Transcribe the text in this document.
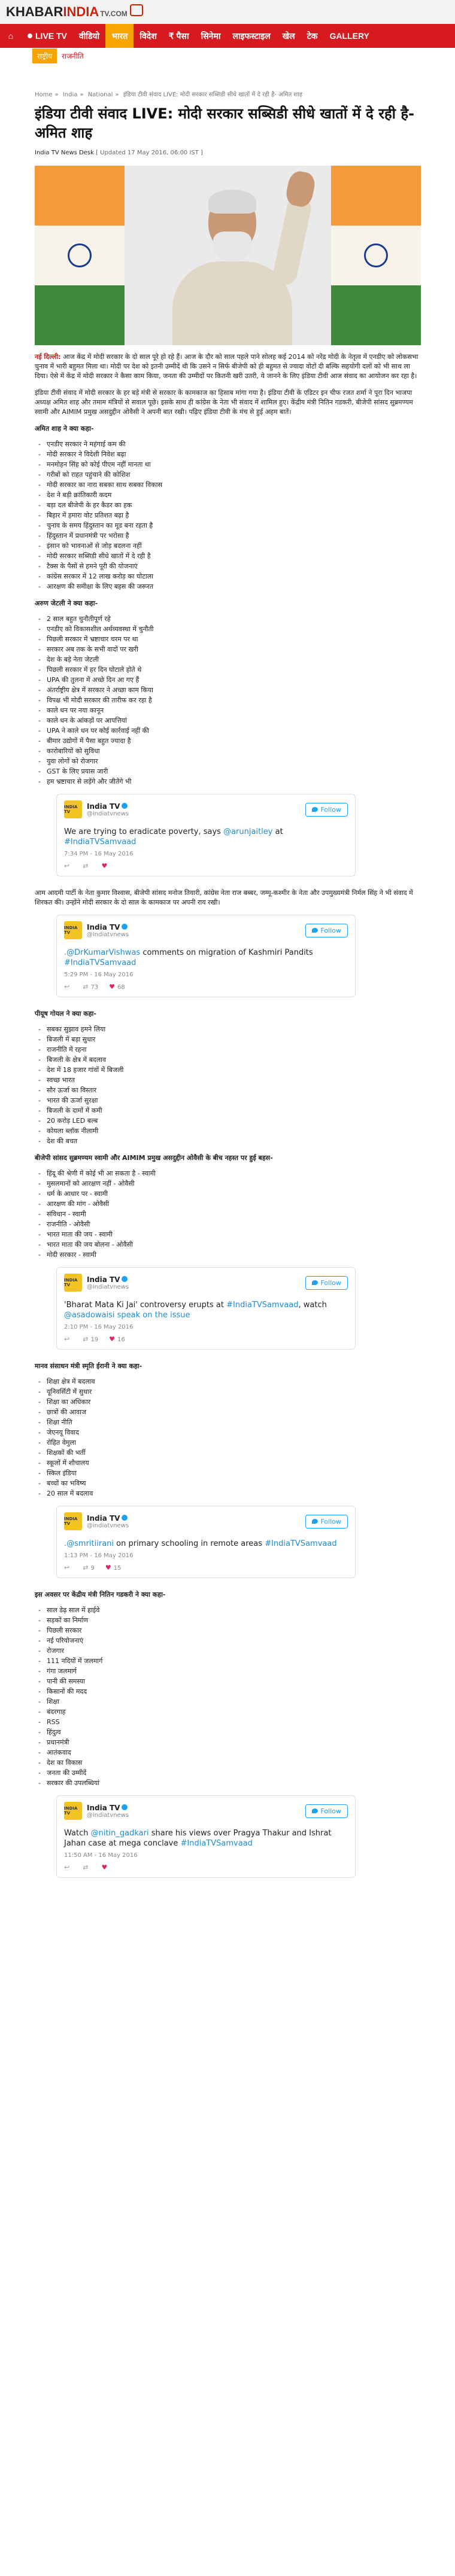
KHABAR INDIA TV.COM
⌂	LIVE TV	वीडियो	भारत	विदेश	₹ पैसा	सिनेमा	लाइफस्टाइल	खेल	टेक	GALLERY
राष्ट्रीय	राजनीति
Home » India » National » इंडिया टीवी संवाद LIVE: मोदी सरकार सब्सिडी सीधे खातों में दे रही है- अमित शाह
इंडिया टीवी संवाद LIVE: मोदी सरकार सब्सिडी सीधे खातों में दे रही है- अमित शाह
India TV News Desk [ Updated 17 May 2016, 06:00 IST ]

नई दिल्ली: आज केंद्र में मोदी सरकार के दो साल पूरे हो रहे हैं। आज के दौर को साल पहले पाने सोलह कई 2014 को नरेंद्र मोदी के नेतृत्व में एनडीए को लोकसभा चुनाव में भारी बहुमत मिला था। मोदी पर देश को इतनी उम्मीदें थी कि उसने न सिर्फ बीजेपी को ही बहुमत से ज्यादा वोटों दी बल्कि सहयोगी दलों को भी साथ ला दिया। ऐसे में केंद्र में मोदी सरकार ने कैसा काम किया, जनता की उम्मीदों पर कितनी खरी उतरी, ये जानने के लिए इंडिया टीवी आज संवाद का आयोजन कर रहा है।

इंडिया टीवी संवाद में मोदी सरकार के हर बड़े मंत्री से सरकार के कामकाज का हिसाब मांगा गया है। इंडिया टीवी के एडिटर इन चीफ रजत शर्मा ने पूरा दिन भाजपा अध्यक्ष अमित शाह और तमाम मंत्रियों से सवाल पूछे। इसके साथ ही कांग्रेस के नेता भी संवाद में शामिल हुए। केंद्रीय मंत्री नितिन गडकरी, बीजेपी सांसद सुब्रमण्यम स्वामी और AIMIM प्रमुख असदुद्दीन ओवैसी ने अपनी बात रखी। पढ़िए इंडिया टीवी के मंच से हुई अहम बातें।

अमित शाह ने क्या कहा-
- एनडीए सरकार ने महंगाई कम की
- मोदी सरकार ने विदेशी निवेश बढ़ा
- मनमोहन सिंह को कोई पीएम नहीं मानता था
- गरीबों को राहत पहुंचाने की कोशिश
- मोदी सरकार का नारा सबका साथ सबका विकास
- देश ने बड़ी क्रांतिकारी कदम
- बड़ा दल बीजेपी के हर कैडर का हक
- बिहार में हमारा वोट प्रतिशत बढ़ा है
- चुनाव के समय हिंदुस्तान का मूड बना रहता है
- हिंदुस्तान में प्रधानमंत्री पर भरोसा है
- इंसान को भावनाओं से जोड़ बदलना नहीं
- मोदी सरकार सब्सिडी सीधे खातों में दे रही है
- टैक्स के पैसों से हमने पूरी की योजनाएं
- कांग्रेस सरकार में 12 लाख करोड़ का घोटाला
- आरक्षण की समीक्षा के लिए बहस की जरूरत
अरुण जेटली ने क्या कहा-
- 2 साल बहुत चुनौतीपूर्ण रहे
- एनडीए को विकासशील अर्थव्यवस्था में चुनौती
- पिछली सरकार में भ्रष्टाचार चरम पर था
- सरकार अब तक के सभी वादों पर खरी
- देश के बड़े नेता जेटली
- पिछली सरकार में हर दिन घोटाले होते थे
- UPA की तुलना में अच्छे दिन आ गए हैं
- अंतर्राष्ट्रीय क्षेत्र में सरकार ने अच्छा काम किया
- विपक्ष भी मोदी सरकार की तारीफ कर रहा है
- काले धन पर नया कानून
- काले धन के आंकड़ों पर आपत्तियां
- UPA ने काले धन पर कोई कार्रवाई नहीं की
- बीमार उद्योगों में पैसा बहुत ज्यादा है
- कारोबारियों को सुविधा
- युवा लोगों को रोजगार
- GST के लिए प्रयास जारी
- हम भ्रष्टाचार से लड़ेंगे और जीतेंगे भी
INDIA TV
India TV
@indiatvnews
Follow
We are trying to eradicate poverty, says @arunjaitley at #IndiaTVSamvaad
7:34 PM - 16 May 2016
↩	⇄	♥

आम आदमी पार्टी के नेता कुमार विश्वास, बीजेपी सांसद मनोज तिवारी, कांग्रेस नेता राज बब्बर, जम्मू-कश्मीर के नेता और उपमुख्यमंत्री निर्मल सिंह ने भी संवाद में शिरकत की। उन्होंने मोदी सरकार के दो साल के कामकाज पर अपनी राय रखी।

INDIA TV
India TV
@indiatvnews
Follow
.@DrKumarVishwas comments on migration of Kashmiri Pandits #IndiaTVSamvaad
5:29 PM - 16 May 2016
↩	⇄ 73 ♥ 68
पीयूष गोयल ने क्या कहा-
- सबका सुझाव हमने लिया
- बिजली में बड़ा सुधार
- राजनीति में रहना
- बिजली के क्षेत्र में बदलाव
- देश में 18 हजार गांवों में बिजली
- स्वच्छ भारत
- सौर ऊर्जा का विस्तार
- भारत की ऊर्जा सुरक्षा
- बिजली के दामों में कमी
- 20 करोड़ LED बल्ब
- कोयला ब्लॉक नीलामी
- देश की बचत
बीजेपी सांसद सुब्रमण्यम स्वामी और AIMIM प्रमुख असदुद्दीन ओवैसी के बीच नहस्त पर हुई बहस-
- हिंदू की श्रेणी में कोई भी आ सकता है - स्वामी
- मुसलमानों को आरक्षण नहीं - ओवैसी
- धर्म के आधार पर - स्वामी
- आरक्षण की मांग - ओवैसी
- संविधान - स्वामी
- राजनीति - ओवैसी
- भारत माता की जय - स्वामी
- भारत माता की जय बोलना - ओवैसी
- मोदी सरकार - स्वामी
INDIA TV
India TV
@indiatvnews
Follow
'Bharat Mata Ki Jai' controversy erupts at #IndiaTVSamvaad, watch @asadowaisi speak on the issue
2:10 PM - 16 May 2016
↩	⇄ 19 ♥ 16
मानव संसाधन मंत्री स्मृति ईरानी ने क्या कहा-
- शिक्षा क्षेत्र में बदलाव
- यूनिवर्सिटी में सुधार
- शिक्षा का अधिकार
- छात्रों की आवाज
- शिक्षा नीति
- जेएनयू विवाद
- रोहित वेमुला
- शिक्षकों की भर्ती
- स्कूलों में शौचालय
- स्किल इंडिया
- बच्चों का भविष्य
- 20 साल में बदलाव
INDIA TV
India TV
@indiatvnews
Follow
.@smritiirani on primary schooling in remote areas #IndiaTVSamvaad
1:13 PM - 16 May 2016
↩	⇄ 9 ♥ 15
इस अवसर पर केंद्रीय मंत्री नितिन गडकरी ने क्या कहा-
- साल डेढ़ साल में हाईवे
- सड़कों का निर्माण
- पिछली सरकार
- नई परियोजनाएं
- रोजगार
- 111 नदियों में जलमार्ग
- गंगा जलमार्ग
- पानी की समस्या
- किसानों की मदद
- शिक्षा
- बंदरगाह
- RSS
- हिंदुत्व
- प्रधानमंत्री
- आतंकवाद
- देश का विकास
- जनता की उम्मीदें
- सरकार की उपलब्धियां
INDIA TV
India TV
@indiatvnews
Follow
Watch @nitin_gadkari share his views over Pragya Thakur and Ishrat Jahan case at mega conclave #IndiaTVSamvaad
11:50 AM - 16 May 2016
↩	⇄	♥
